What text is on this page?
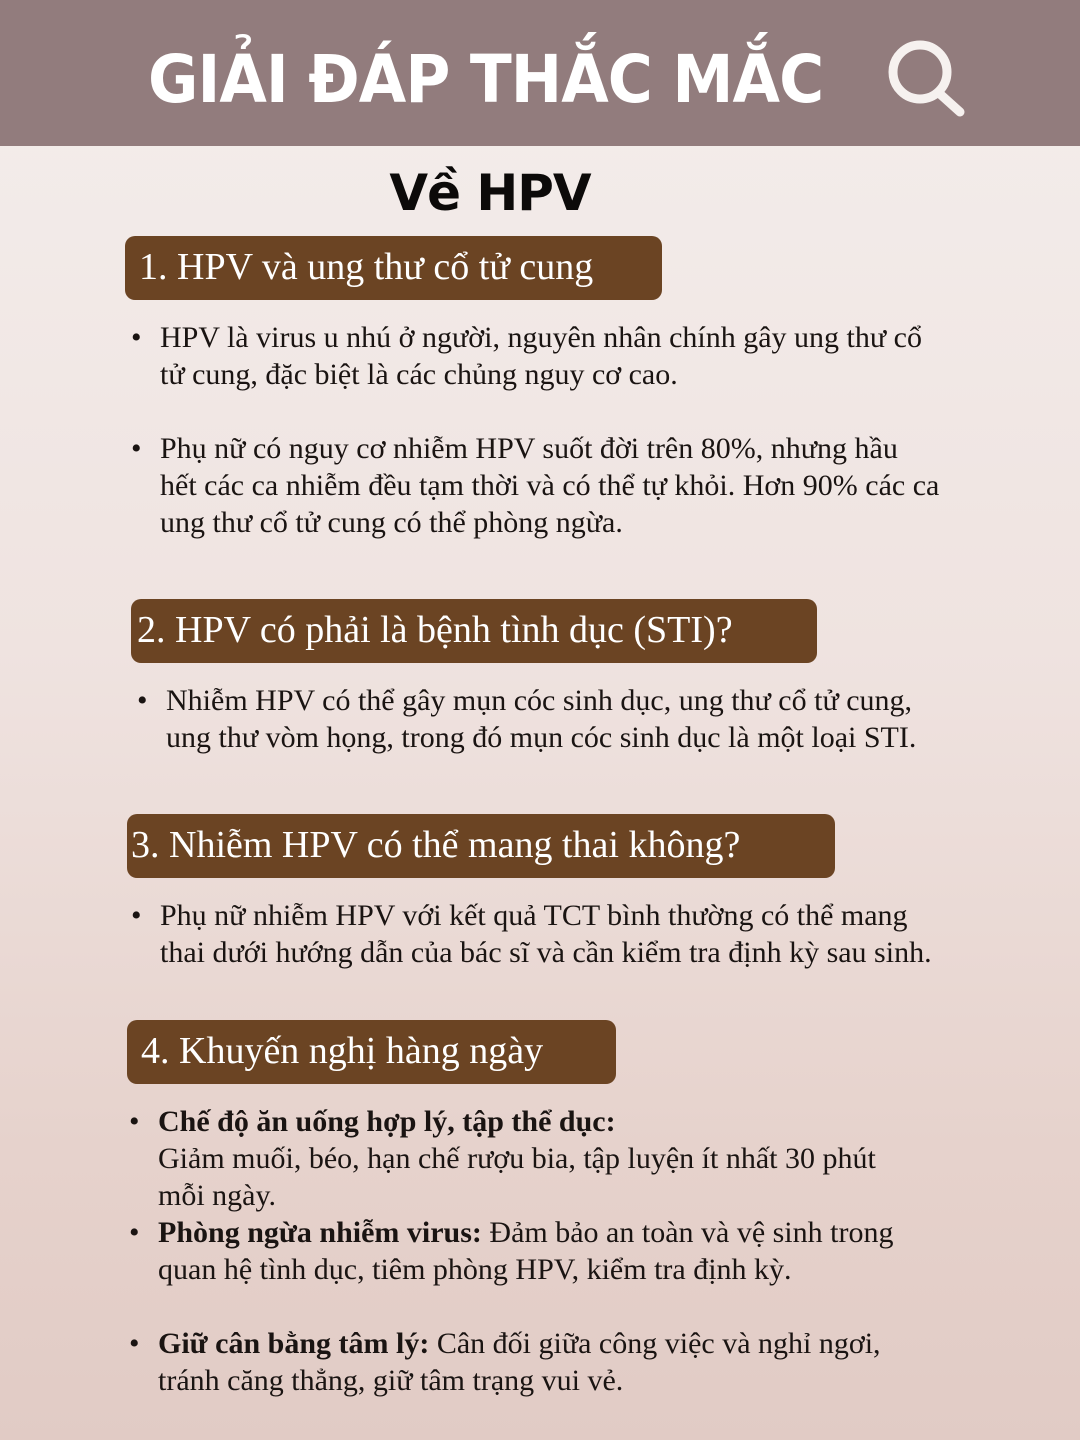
GIẢI ĐÁP THẮC MẮC
Về HPV
1. HPV và ung thư cổ tử cung
• HPV là virus u nhú ở người, nguyên nhân chính gây ung thư cổ tử cung, đặc biệt là các chủng nguy cơ cao.
• Phụ nữ có nguy cơ nhiễm HPV suốt đời trên 80%, nhưng hầu hết các ca nhiễm đều tạm thời và có thể tự khỏi. Hơn 90% các ca ung thư cổ tử cung có thể phòng ngừa.
2. HPV có phải là bệnh tình dục (STI)?
• Nhiễm HPV có thể gây mụn cóc sinh dục, ung thư cổ tử cung, ung thư vòm họng, trong đó mụn cóc sinh dục là một loại STI.
3. Nhiễm HPV có thể mang thai không?
• Phụ nữ nhiễm HPV với kết quả TCT bình thường có thể mang thai dưới hướng dẫn của bác sĩ và cần kiểm tra định kỳ sau sinh.
4. Khuyến nghị hàng ngày
• Chế độ ăn uống hợp lý, tập thể dục:
Giảm muối, béo, hạn chế rượu bia, tập luyện ít nhất 30 phút mỗi ngày.
• Phòng ngừa nhiễm virus: Đảm bảo an toàn và vệ sinh trong quan hệ tình dục, tiêm phòng HPV, kiểm tra định kỳ.
• Giữ cân bằng tâm lý: Cân đối giữa công việc và nghỉ ngơi, tránh căng thẳng, giữ tâm trạng vui vẻ.
